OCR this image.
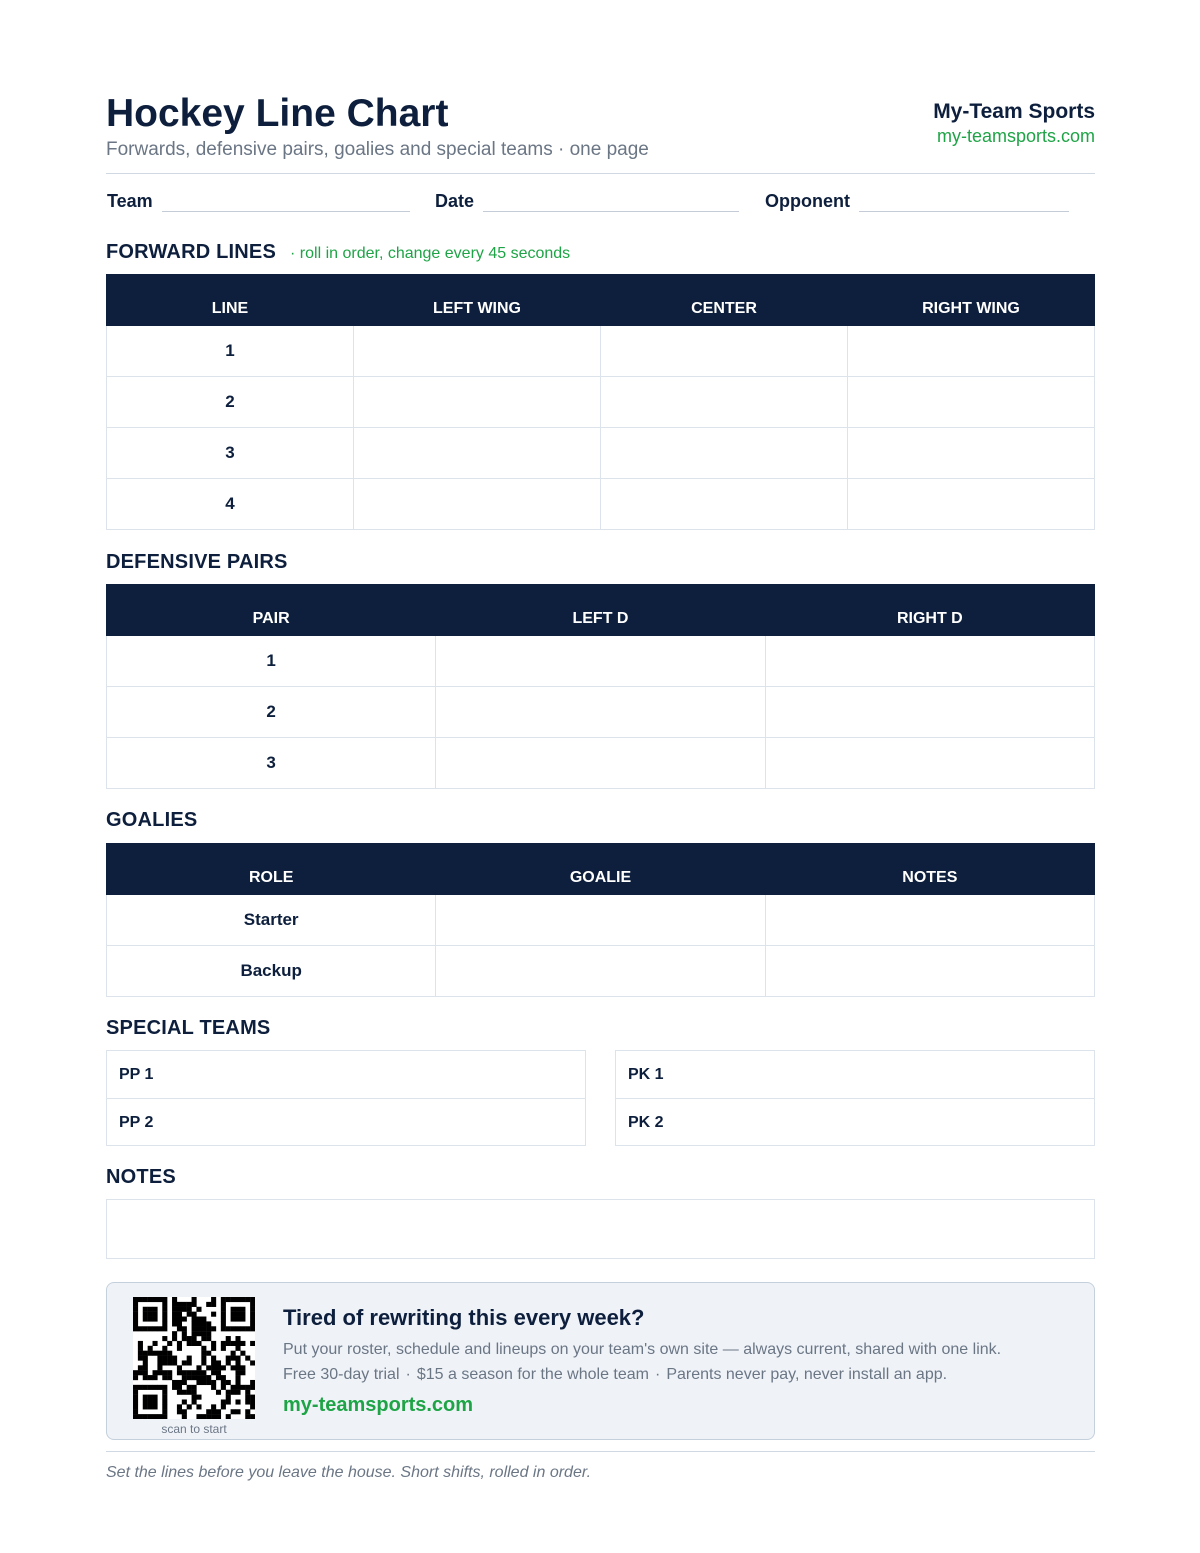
Hockey Line Chart
Forwards, defensive pairs, goalies and special teams · one page
My-Team Sports
my-teamsports.com
Team	Date	Opponent
FORWARD LINES · roll in order, change every 45 seconds
LINE	LEFT WING	CENTER	RIGHT WING
1			
2			
3			
4			
DEFENSIVE PAIRS
PAIR	LEFT D	RIGHT D
1		
2		
3		
GOALIES
ROLE	GOALIE	NOTES
Starter		
Backup		
SPECIAL TEAMS
PP 1
PP 2
PK 1
PK 2
NOTES
scan to start
Tired of rewriting this every week?
Put your roster, schedule and lineups on your team's own site — always current, shared with one link.
Free 30-day trial · $15 a season for the whole team · Parents never pay, never install an app.
my-teamsports.com
Set the lines before you leave the house. Short shifts, rolled in order.
